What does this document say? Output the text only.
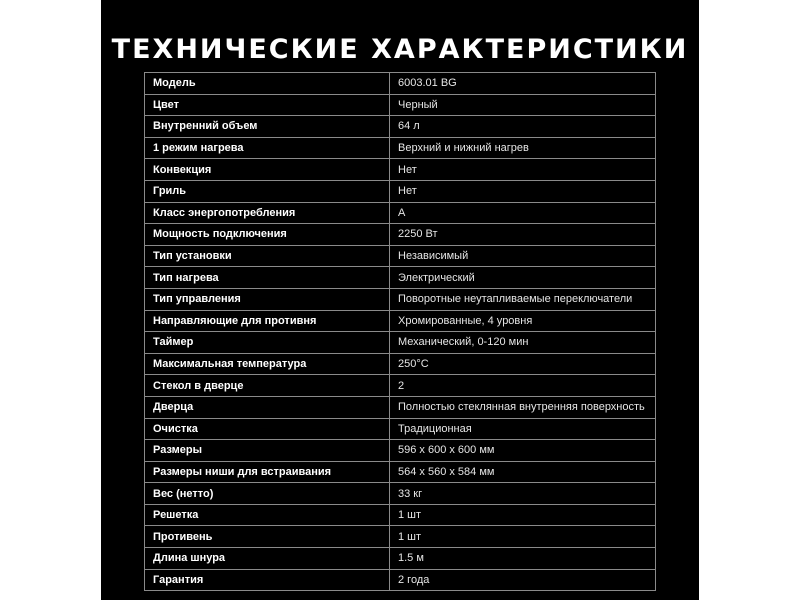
ТЕХНИЧЕСКИЕ ХАРАКТЕРИСТИКИ
Модель	6003.01 BG
Цвет	Черный
Внутренний объем	64 л
1 режим нагрева	Верхний и нижний нагрев
Конвекция	Нет
Гриль	Нет
Класс энергопотребления	A
Мощность подключения	2250 Вт
Тип установки	Независимый
Тип нагрева	Электрический
Тип управления	Поворотные неутапливаемые переключатели
Направляющие для противня	Хромированные, 4 уровня
Таймер	Механический, 0-120 мин
Максимальная температура	250°C
Стекол в дверце	2
Дверца	Полностью стеклянная внутренняя поверхность
Очистка	Традиционная
Размеры	596 x 600 x 600 мм
Размеры ниши для встраивания	564 x 560 x 584 мм
Вес (нетто)	33 кг
Решетка	1 шт
Противень	1 шт
Длина шнура	1.5 м
Гарантия	2 года
